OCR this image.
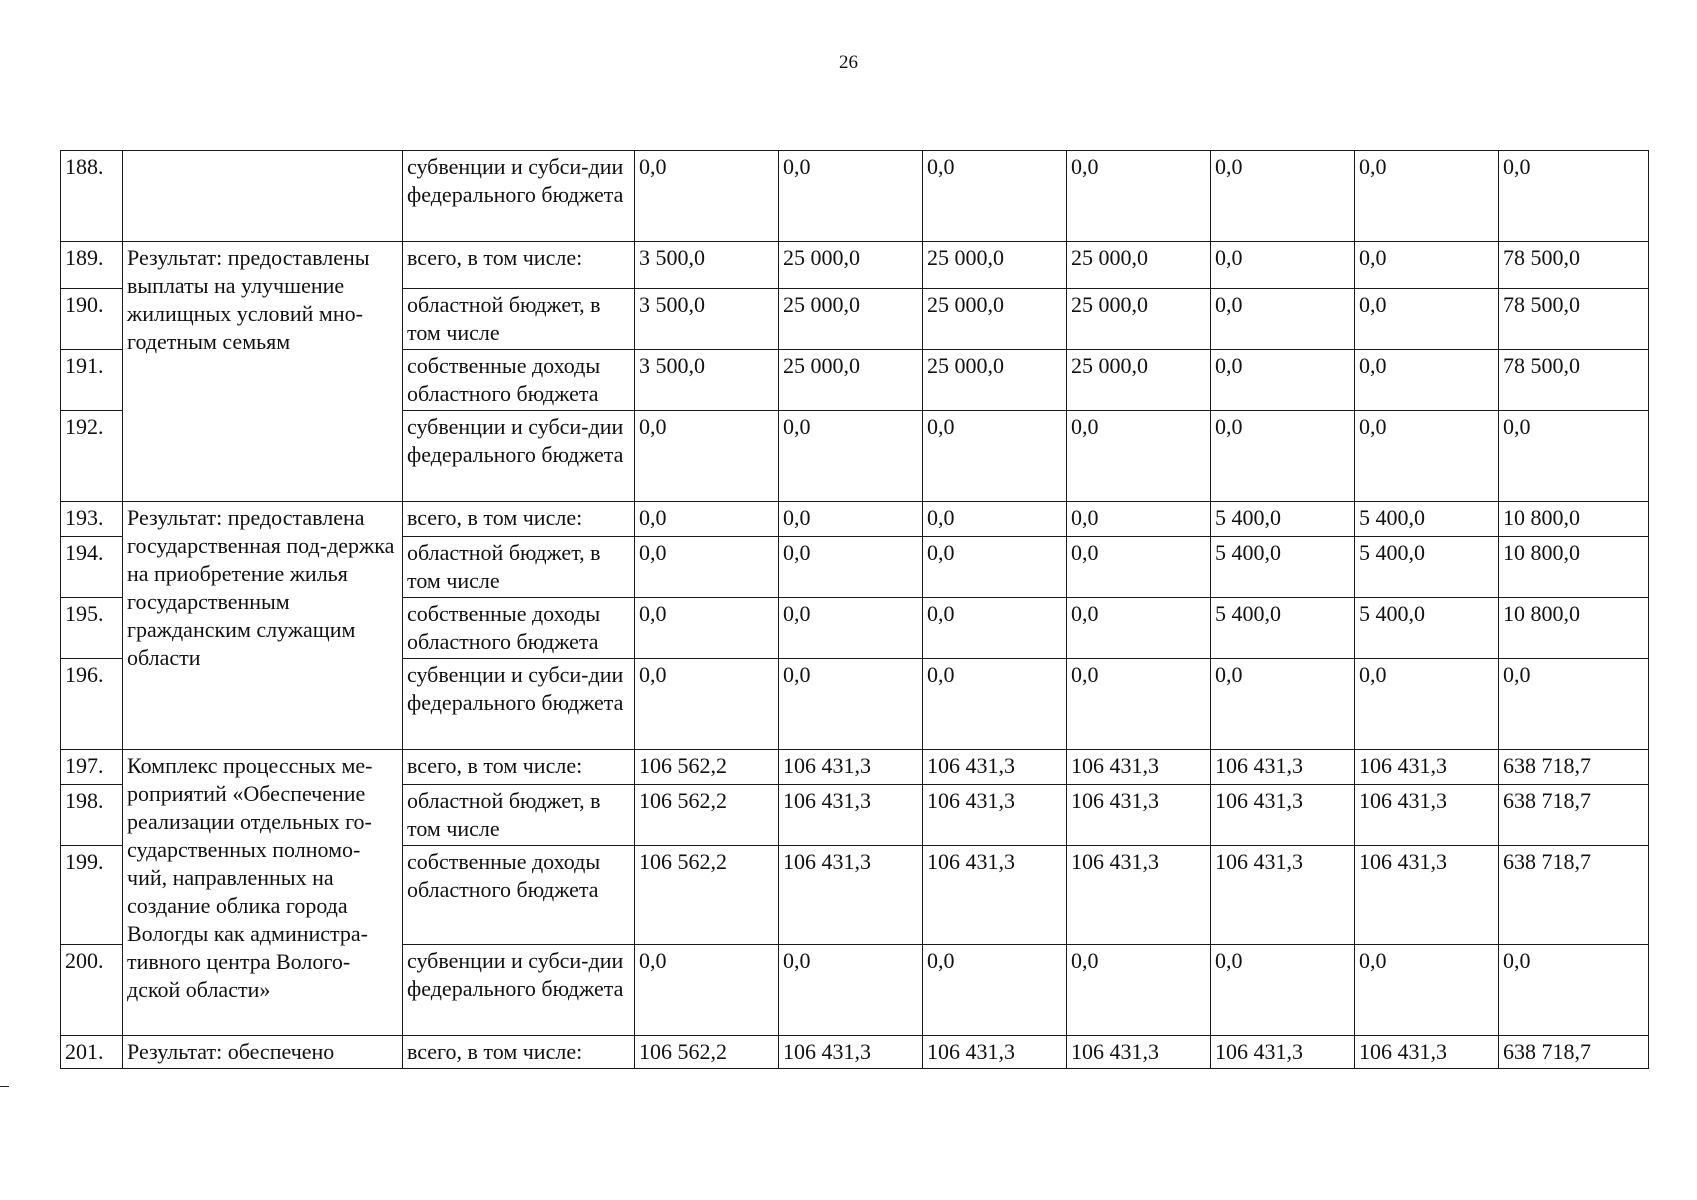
26
188.		субвенции и субси-дии федерального бюджета	0,0	0,0	0,0	0,0	0,0	0,0	0,0
189.	Результат: предоставлены выплаты на улучшение жилищных условий мно-годетным семьям	всего, в том числе:	3 500,0	25 000,0	25 000,0	25 000,0	0,0	0,0	78 500,0
190.		областной бюджет, в том числе	3 500,0	25 000,0	25 000,0	25 000,0	0,0	0,0	78 500,0
191.		собственные доходы областного бюджета	3 500,0	25 000,0	25 000,0	25 000,0	0,0	0,0	78 500,0
192.		субвенции и субси-дии федерального бюджета	0,0	0,0	0,0	0,0	0,0	0,0	0,0
193.	Результат: предоставлена государственная под-держка на приобретение жилья государственным гражданским служащим области	всего, в том числе:	0,0	0,0	0,0	0,0	5 400,0	5 400,0	10 800,0
194.		областной бюджет, в том числе	0,0	0,0	0,0	0,0	5 400,0	5 400,0	10 800,0
195.		собственные доходы областного бюджета	0,0	0,0	0,0	0,0	5 400,0	5 400,0	10 800,0
196.		субвенции и субси-дии федерального бюджета	0,0	0,0	0,0	0,0	0,0	0,0	0,0
197.	Комплекс процессных ме-роприятий «Обеспечение реализации отдельных го-сударственных полномо-чий, направленных на создание облика города Вологды как администра-тивного центра Волого-дской области»	всего, в том числе:	106 562,2	106 431,3	106 431,3	106 431,3	106 431,3	106 431,3	638 718,7
198.		областной бюджет, в том числе	106 562,2	106 431,3	106 431,3	106 431,3	106 431,3	106 431,3	638 718,7
199.		собственные доходы областного бюджета	106 562,2	106 431,3	106 431,3	106 431,3	106 431,3	106 431,3	638 718,7
200.		субвенции и субси-дии федерального бюджета	0,0	0,0	0,0	0,0	0,0	0,0	0,0
201.	Результат: обеспечено	всего, в том числе:	106 562,2	106 431,3	106 431,3	106 431,3	106 431,3	106 431,3	638 718,7
